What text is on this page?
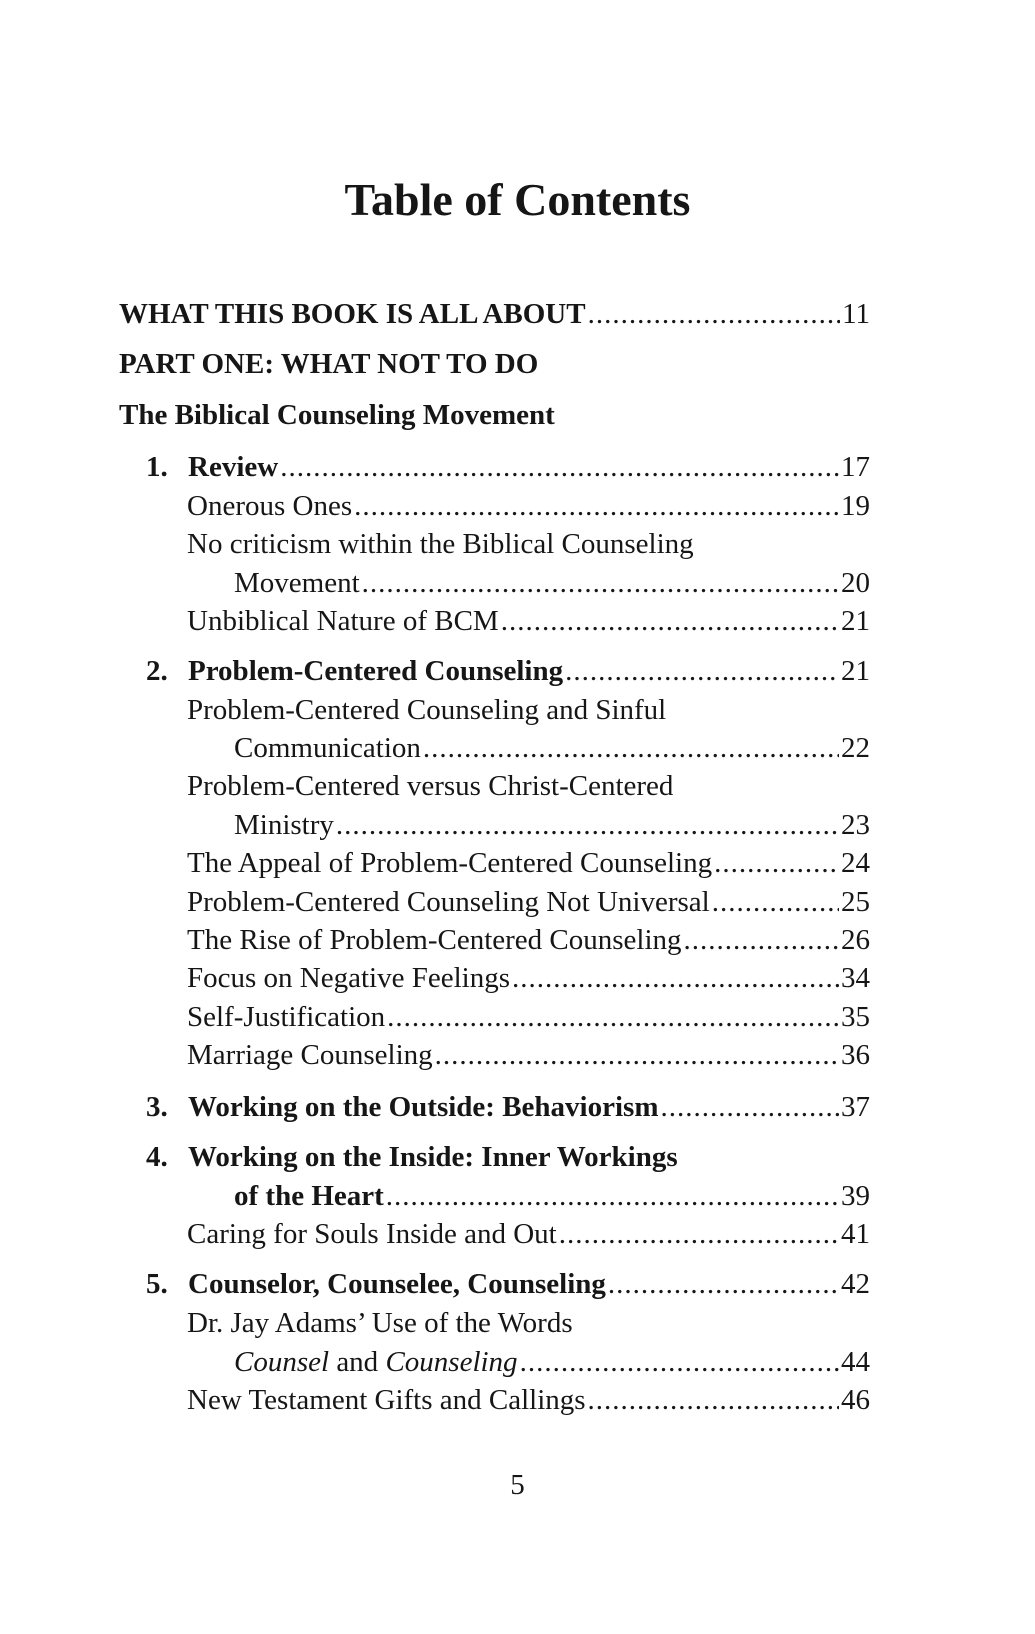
Table of Contents
WHAT THIS BOOK IS ALL ABOUT .....	11
PART ONE: WHAT NOT TO DO
The Biblical Counseling Movement
1. Review .....	17
Onerous Ones .....	19
No criticism within the Biblical Counseling
Movement .....	20
Unbiblical Nature of BCM .....	21
2. Problem-Centered Counseling .....	21
Problem-Centered Counseling and Sinful
Communication .....	22
Problem-Centered versus Christ-Centered
Ministry .....	23
The Appeal of Problem-Centered Counseling .....	24
Problem-Centered Counseling Not Universal .....	25
The Rise of Problem-Centered Counseling .....	26
Focus on Negative Feelings .....	34
Self-Justification .....	35
Marriage Counseling .....	36
3. Working on the Outside: Behaviorism .....	37
4. Working on the Inside: Inner Workings
of the Heart .....	39
Caring for Souls Inside and Out .....	41
5. Counselor, Counselee, Counseling .....	42
Dr. Jay Adams’ Use of the Words
Counsel and Counseling .....	44
New Testament Gifts and Callings .....	46
5
